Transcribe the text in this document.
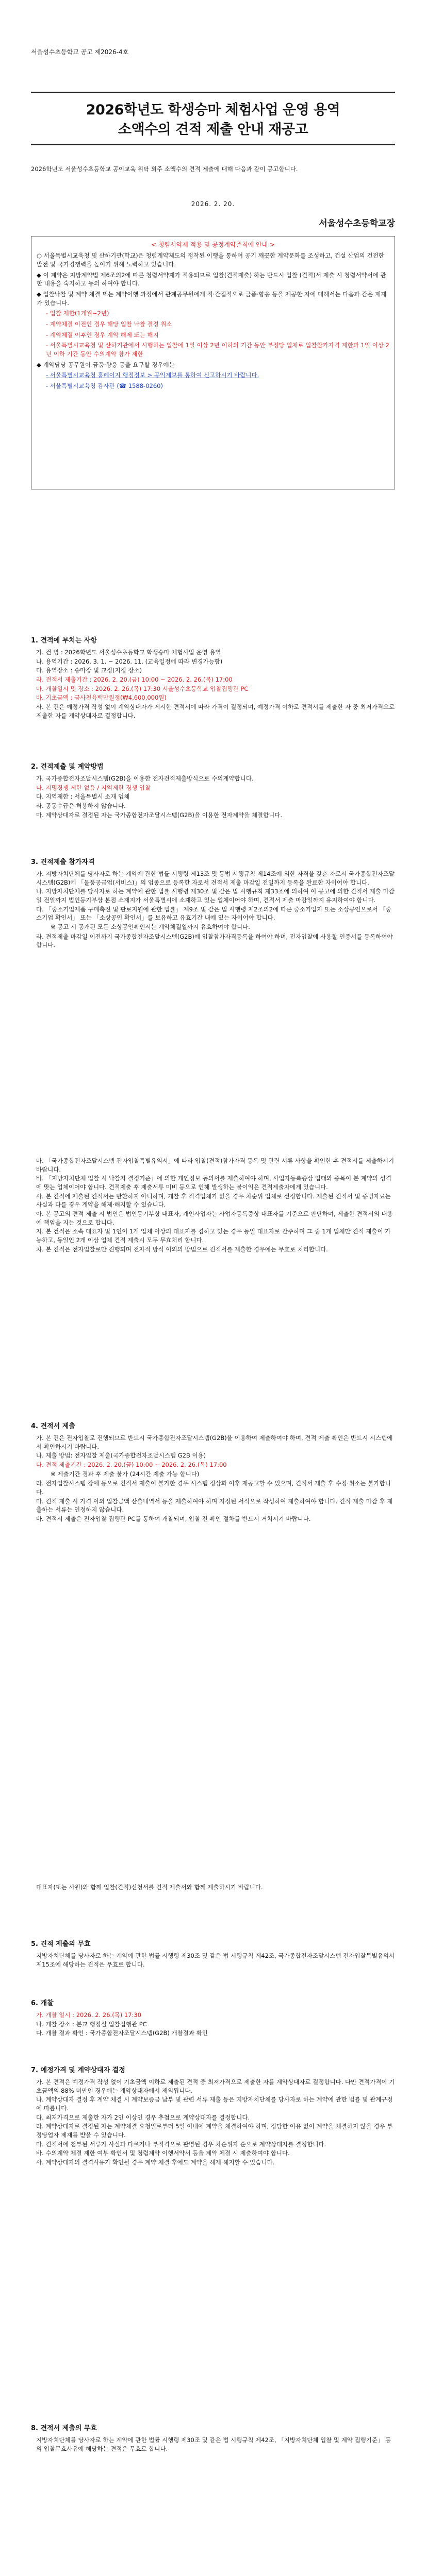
서울성수초등학교 공고 제2026-4호
2026학년도 학생승마 체험사업 운영 용역
소액수의 견적 제출 안내 재공고
2026학년도 서울성수초등학교 공이교육 위탁 외주 소액수의 견적 제출에 대해 다음과 같이 공고합니다.
2026. 2. 20.
서울성수초등학교장
< 청렴서약제 적용 및 공정계약준칙에 안내 >

○ 서울특별시교육청 및 산하기관(학교)은 청렴계약제도의 정착된 이행을 통하여 공기 깨끗한 계약문화를 조성하고, 건설 산업의 건전한 발전 및 국가경쟁력을 높이기 위해 노력하고 있습니다.

◆ 이 계약은 지방계약법 제6조의2에 따른 청렴서약제가 적용되므로 입찰(견적제출) 하는 반드시 입찰 (견적)서 제출 시 청렴서약서에 관한 내용을 숙지하고 동의 하여야 합니다.

◆ 입찰낙찰 및 계약 체결 또는 계약이행 과정에서 관계공무원에게 직·간접적으로 금품·향응 등을 제공한 자에 대해서는 다음과 같은 제재가 있습니다.

- 입찰 제한(1개월~2년)

- 계약체결 이전인 경우 해당 입찰 낙찰 결정 취소

- 계약체결 이후인 경우 계약 해제 또는 해지

- 서울특별시교육청 및 산하기관에서 시행하는 입찰에 1일 이상 2년 이하의 기간 동안 부정당 업체로 입찰참가자격 제한과 1일 이상 2년 이하 기간 동안 수의계약 참가 제한

◆ 계약담당 공무원이 금품·향응 등을 요구할 경우에는

- 서울특별시교육청 홈페이지 행정정보 > 공익제보를 통하여 신고하시기 바랍니다.

- 서울특별시교육청 감사관 (☎ 1588-0260)

1. 견적에 부치는 사항

가. 건 명 : 2026학년도 서울성수초등학교 학생승마 체험사업 운영 용역

나. 용역기간 : 2026. 3. 1. ~ 2026. 11. (교육일정에 따라 변경가능함)

다. 용역장소 : 승마장 및 교정(지정 장소)

라. 견적서 제출기간 : 2026. 2. 20.(금) 10:00 ~ 2026. 2. 26.(목) 17:00

마. 개찰일시 및 장소 : 2026. 2. 26.(목) 17:30 서울성수초등학교 입찰집행관 PC

바. 기초금액 : 금사천육백만원정(₩4,600,000원)

사. 본 건은 예정가격 작성 없이 계약상대자가 제시한 견적서에 따라 가격이 결정되며, 예정가격 이하로 견적서를 제출한 자 중 최저가격으로 제출한 자를 계약상대자로 결정합니다.

2. 견적제출 및 계약방법

가. 국가종합전자조달시스템(G2B)을 이용한 전자견적제출방식으로 수의계약합니다.

나. 지명경쟁 제한 없음 / 지역제한 경쟁 입찰

다. 지역제한 : 서울특별시 소재 업체

라. 공동수급은 허용하지 않습니다.

마. 계약상대자로 결정된 자는 국가종합전자조달시스템(G2B)을 이용한 전자계약을 체결합니다.

3. 견적제출 참가자격

가. 지방자치단체를 당사자로 하는 계약에 관한 법률 시행령 제13조 및 동법 시행규칙 제14조에 의한 자격을 갖춘 자로서 국가종합전자조달시스템(G2B)에 「물품공급업(서비스)」의 업종으로 등록한 자로서 견적서 제출 마감일 전일까지 등록을 완료한 자이어야 합니다.

나. 지방자치단체를 당사자로 하는 계약에 관한 법률 시행령 제30조 및 같은 법 시행규칙 제33조에 의하여 이 공고에 의한 견적서 제출 마감일 전일까지 법인등기부상 본점 소재지가 서울특별시에 소재하고 있는 업체이어야 하며, 견적서 제출 마감일까지 유지하여야 합니다.

다. 「중소기업제품 구매촉진 및 판로지원에 관한 법률」 제9조 및 같은 법 시행령 제2조의2에 따른 중소기업자 또는 소상공인으로서 「중소기업 확인서」 또는 「소상공인 확인서」를 보유하고 유효기간 내에 있는 자이어야 합니다.

※ 공고 시 공개된 모든 소상공인확인서는 계약체결일까지 유효하여야 합니다.

라. 견적제출 마감일 이전까지 국가종합전자조달시스템(G2B)에 입찰참가자격등록을 하여야 하며, 전자입찰에 사용할 인증서를 등록하여야 합니다.

마. 「국가종합전자조달시스템 전자입찰특별유의서」에 따라 입찰(견적)참가자격 등록 및 관련 서류 사항을 확인한 후 견적서를 제출하시기 바랍니다.

바. 「지방자치단체 입찰 시 낙찰자 결정기준」에 의한 개인정보 동의서를 제출하여야 하며, 사업자등록증상 업태와 종목이 본 계약의 성격에 맞는 업체이어야 합니다. 견적제출 후 제출서류 미비 등으로 인해 발생하는 불이익은 견적제출자에게 있습니다.

사. 본 견적에 제출된 견적서는 반환하지 아니하며, 개찰 후 적격업체가 없을 경우 차순위 업체로 선정합니다. 제출된 견적서 및 증빙자료는 사실과 다를 경우 계약을 해제·해지할 수 있습니다.

아. 본 공고의 견적 제출 시 법인은 법인등기부상 대표자, 개인사업자는 사업자등록증상 대표자를 기준으로 판단하며, 제출한 견적서의 내용에 책임을 지는 것으로 합니다.

자. 본 건적은 소속 대표자 및 1인이 1개 업체 이상의 대표자를 겸하고 있는 경우 동일 대표자로 간주하며 그 중 1개 업체만 견적 제출이 가능하고, 동일인 2개 이상 업체 견적 제출시 모두 무효처리 합니다.

차. 본 견적은 전자입찰로만 진행되며 전자적 방식 이외의 방법으로 견적서를 제출한 경우에는 무효로 처리합니다.

4. 견적서 제출

가. 본 건은 전자입찰로 진행되므로 반드시 국가종합전자조달시스템(G2B)을 이용하여 제출하여야 하며, 견적 제출 확인은 반드시 시스템에서 확인하시기 바랍니다.

나. 제출 방법: 전자입찰 제출(국가종합전자조달시스템 G2B 이용)

다. 견적 제출기간 : 2026. 2. 20.(금) 10:00 ~ 2026. 2. 26.(목) 17:00

※ 제출기간 경과 후 제출 불가 (24시간 제출 가능 합니다)

라. 전자입찰시스템 장애 등으로 견적서 제출이 불가한 경우 시스템 정상화 이후 재공고할 수 있으며, 견적서 제출 후 수정·취소는 불가합니다.

마. 견적 제출 시 가격 이외 입찰금액 산출내역서 등을 제출하여야 하며 지정된 서식으로 작성하여 제출하여야 합니다. 견적 제출 마감 후 제출하는 서류는 인정하지 않습니다.

바. 견적서 제출은 전자입찰 집행관 PC를 통하여 개찰되며, 입찰 전 확인 절차를 반드시 거치시기 바랍니다.

대표자(또는 사원)와 함께 입찰(견적)신청서를 견적 제출서와 함께 제출하시기 바랍니다.

5. 견적 제출의 무효

지방자치단체를 당사자로 하는 계약에 관한 법률 시행령 제30조 및 같은 법 시행규칙 제42조, 국가종합전자조달시스템 전자입찰특별유의서 제15조에 해당하는 견적은 무효로 합니다.

6. 개찰

가. 개찰 일시 : 2026. 2. 26.(목) 17:30

나. 개찰 장소 : 본교 행정실 입찰집행관 PC

다. 개찰 결과 확인 : 국가종합전자조달시스템(G2B) 개찰결과 확인

7. 예정가격 및 계약상대자 결정

가. 본 견적은 예정가격 작성 없이 기초금액 이하로 제출된 견적 중 최저가격으로 제출한 자를 계약상대자로 결정합니다. 다만 견적가격이 기초금액의 88% 미만인 경우에는 계약상대자에서 제외됩니다.

나. 계약상대자 결정 후 계약 체결 시 계약보증금 납부 및 관련 서류 제출 등은 지방자치단체를 당사자로 하는 계약에 관한 법률 및 관계규정에 따릅니다.

다. 최저가격으로 제출한 자가 2인 이상인 경우 추첨으로 계약상대자를 결정합니다.

라. 계약상대자로 결정된 자는 계약체결 요청일로부터 5일 이내에 계약을 체결하여야 하며, 정당한 이유 없이 계약을 체결하지 않을 경우 부정당업자 제재를 받을 수 있습니다.

마. 견적서에 첨부된 서류가 사실과 다르거나 부적격으로 판명된 경우 차순위자 순으로 계약상대자를 결정합니다.

바. 수의계약 체결 제한 여부 확인서 및 청렴계약 이행서약서 등을 계약 체결 시 제출하여야 합니다.

사. 계약상대자의 결격사유가 확인될 경우 계약 체결 후에도 계약을 해제·해지할 수 있습니다.

8. 견적서 제출의 무효

지방자치단체를 당사자로 하는 계약에 관한 법률 시행령 제30조 및 같은 법 시행규칙 제42조, 「지방자치단체 입찰 및 계약 집행기준」 등의 입찰무효사유에 해당하는 견적은 무효로 합니다.
